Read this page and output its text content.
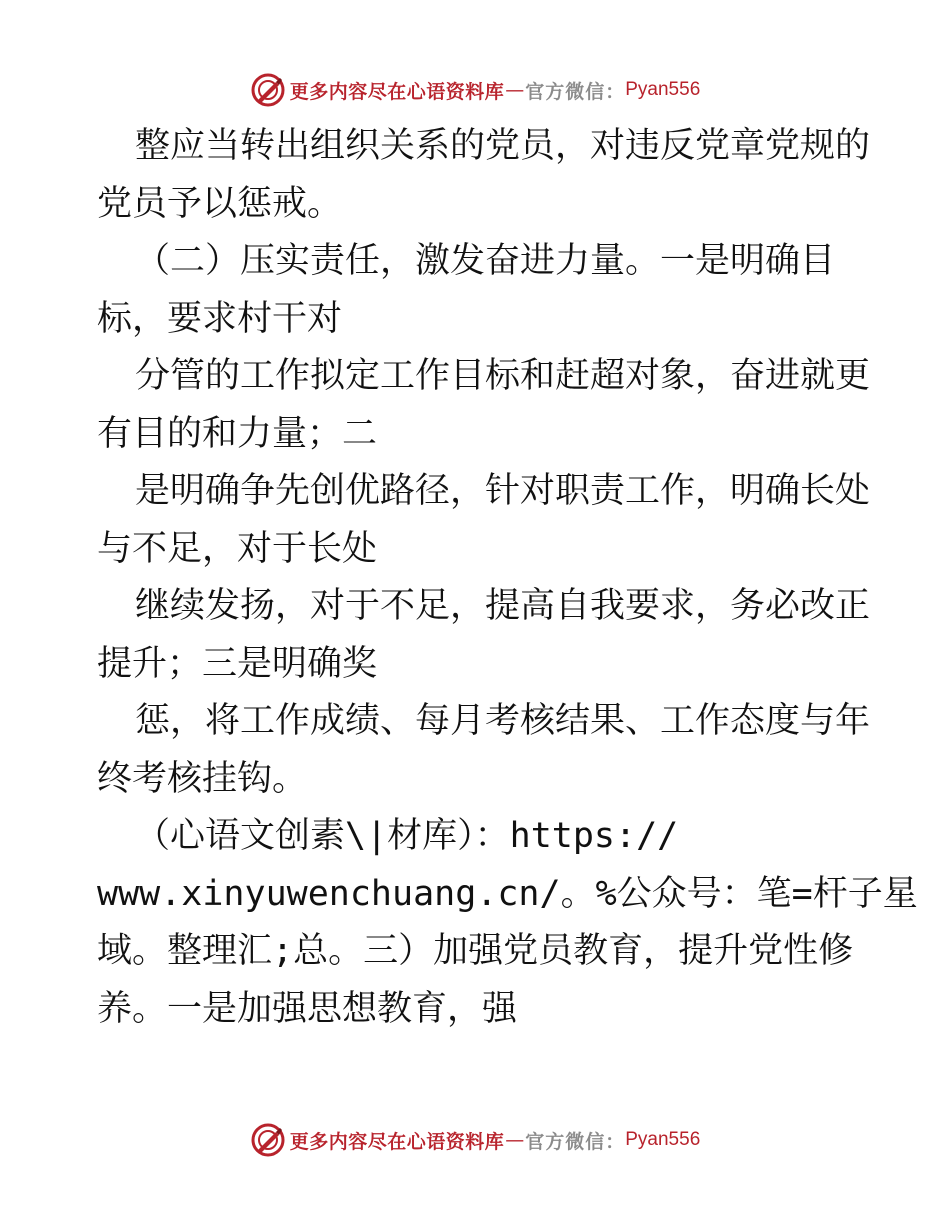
更多内容尽在心语资料库 — 官方微信： Pyan556
整应当转出组织关系的党员，对违反党章党规的
党员予以惩戒。
（二）压实责任，激发奋进力量。一是明确目
标，要求村干对
分管的工作拟定工作目标和赶超对象，奋进就更
有目的和力量；二
是明确争先创优路径，针对职责工作，明确长处
与不足，对于长处
继续发扬，对于不足，提高自我要求，务必改正
提升；三是明确奖
惩，将工作成绩、每月考核结果、工作态度与年
终考核挂钩。
（心语文创素\|材库）：https://
www.xinyuwenchuang.cn/。%公众号：笔=杆子星
域。整理汇;总。三）加强党员教育，提升党性修
养。一是加强思想教育，强
更多内容尽在心语资料库 — 官方微信： Pyan556
